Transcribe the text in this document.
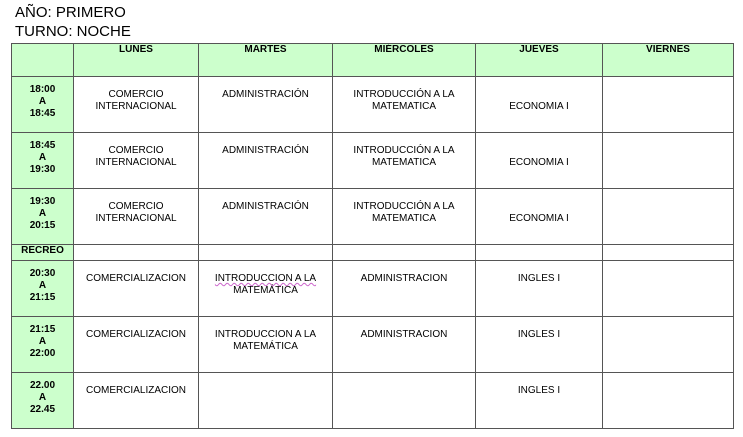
AÑO: PRIMERO

TURNO: NOCHE

	LUNES	MARTES	MIÉRCOLES	JUEVES	VIERNES

18:00
A
18:45	COMERCIO
INTERNACIONAL	ADMINISTRACIÓN	INTRODUCCIÓN A LA
MATEMATICA	ECONOMIA I	

18:45
A
19:30	COMERCIO
INTERNACIONAL	ADMINISTRACIÓN	INTRODUCCIÓN A LA
MATEMATICA	ECONOMIA I	

19:30
A
20:15	COMERCIO
INTERNACIONAL	ADMINISTRACIÓN	INTRODUCCIÓN A LA
MATEMATICA	ECONOMIA I	

RECREO					

20:30
A
21:15	COMERCIALIZACION	INTRODUCCION A LA
MATEMÁTICA	ADMINISTRACION	INGLES I	

21:15
A
22:00	COMERCIALIZACION	INTRODUCCION A LA
MATEMÁTICA	ADMINISTRACION	INGLES I	

22.00
A
22.45	COMERCIALIZACION			INGLES I	
